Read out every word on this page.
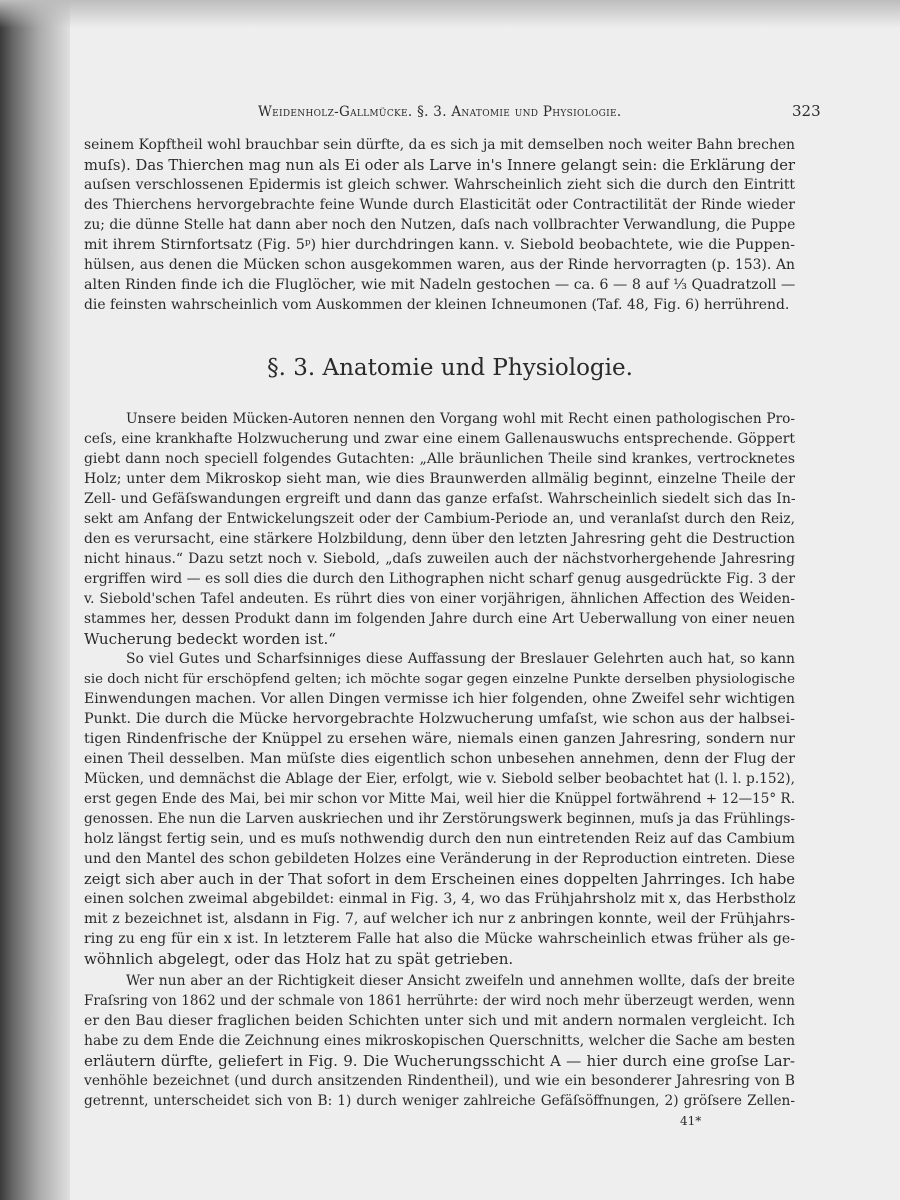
Weidenholz-Gallmücke. §. 3. Anatomie und Physiologie.	323

seinem Kopftheil wohl brauchbar sein dürfte, da es sich ja mit demselben noch weiter Bahn brechen

muſs). Das Thierchen mag nun als Ei oder als Larve in's Innere gelangt sein: die Erklärung der

auſsen verschlossenen Epidermis ist gleich schwer. Wahrscheinlich zieht sich die durch den Eintritt

des Thierchens hervorgebrachte feine Wunde durch Elasticität oder Contractilität der Rinde wieder

zu; die dünne Stelle hat dann aber noch den Nutzen, daſs nach vollbrachter Verwandlung, die Puppe

mit ihrem Stirnfortsatz (Fig. 5ᵖ) hier durchdringen kann. v. Siebold beobachtete, wie die Puppen-

hülsen, aus denen die Mücken schon ausgekommen waren, aus der Rinde hervorragten (p. 153). An

alten Rinden finde ich die Fluglöcher, wie mit Nadeln gestochen — ca. 6 — 8 auf ⅓ Quadratzoll —

die feinsten wahrscheinlich vom Auskommen der kleinen Ichneumonen (Taf. 48, Fig. 6) herrührend.

§. 3. Anatomie und Physiologie.

Unsere beiden Mücken-Autoren nennen den Vorgang wohl mit Recht einen pathologischen Pro-

ceſs, eine krankhafte Holzwucherung und zwar eine einem Gallenauswuchs entsprechende. Göppert

giebt dann noch speciell folgendes Gutachten: „Alle bräunlichen Theile sind krankes, vertrocknetes

Holz; unter dem Mikroskop sieht man, wie dies Braunwerden allmälig beginnt, einzelne Theile der

Zell- und Gefäſswandungen ergreift und dann das ganze erfaſst. Wahrscheinlich siedelt sich das In-

sekt am Anfang der Entwickelungszeit oder der Cambium-Periode an, und veranlaſst durch den Reiz,

den es verursacht, eine stärkere Holzbildung, denn über den letzten Jahresring geht die Destruction

nicht hinaus.“ Dazu setzt noch v. Siebold, „daſs zuweilen auch der nächstvorhergehende Jahresring

ergriffen wird — es soll dies die durch den Lithographen nicht scharf genug ausgedrückte Fig. 3 der

v. Siebold'schen Tafel andeuten. Es rührt dies von einer vorjährigen, ähnlichen Affection des Weiden-

stammes her, dessen Produkt dann im folgenden Jahre durch eine Art Ueberwallung von einer neuen

Wucherung bedeckt worden ist.“

So viel Gutes und Scharfsinniges diese Auffassung der Breslauer Gelehrten auch hat, so kann

sie doch nicht für erschöpfend gelten; ich möchte sogar gegen einzelne Punkte derselben physiologische

Einwendungen machen. Vor allen Dingen vermisse ich hier folgenden, ohne Zweifel sehr wichtigen

Punkt. Die durch die Mücke hervorgebrachte Holzwucherung umfaſst, wie schon aus der halbsei-

tigen Rindenfrische der Knüppel zu ersehen wäre, niemals einen ganzen Jahresring, sondern nur

einen Theil desselben. Man müſste dies eigentlich schon unbesehen annehmen, denn der Flug der

Mücken, und demnächst die Ablage der Eier, erfolgt, wie v. Siebold selber beobachtet hat (l. l. p.152),

erst gegen Ende des Mai, bei mir schon vor Mitte Mai, weil hier die Knüppel fortwährend + 12—15° R.

genossen. Ehe nun die Larven auskriechen und ihr Zerstörungswerk beginnen, muſs ja das Frühlings-

holz längst fertig sein, und es muſs nothwendig durch den nun eintretenden Reiz auf das Cambium

und den Mantel des schon gebildeten Holzes eine Veränderung in der Reproduction eintreten. Diese

zeigt sich aber auch in der That sofort in dem Erscheinen eines doppelten Jahrringes. Ich habe

einen solchen zweimal abgebildet: einmal in Fig. 3, 4, wo das Frühjahrsholz mit x, das Herbstholz

mit z bezeichnet ist, alsdann in Fig. 7, auf welcher ich nur z anbringen konnte, weil der Frühjahrs-

ring zu eng für ein x ist. In letzterem Falle hat also die Mücke wahrscheinlich etwas früher als ge-

wöhnlich abgelegt, oder das Holz hat zu spät getrieben.

Wer nun aber an der Richtigkeit dieser Ansicht zweifeln und annehmen wollte, daſs der breite

Fraſsring von 1862 und der schmale von 1861 herrührte: der wird noch mehr überzeugt werden, wenn

er den Bau dieser fraglichen beiden Schichten unter sich und mit andern normalen vergleicht. Ich

habe zu dem Ende die Zeichnung eines mikroskopischen Querschnitts, welcher die Sache am besten

erläutern dürfte, geliefert in Fig. 9. Die Wucherungsschicht A — hier durch eine groſse Lar-

venhöhle bezeichnet (und durch ansitzenden Rindentheil), und wie ein besonderer Jahresring von B

getrennt, unterscheidet sich von B: 1) durch weniger zahlreiche Gefäſsöffnungen, 2) gröſsere Zellen-

41*
